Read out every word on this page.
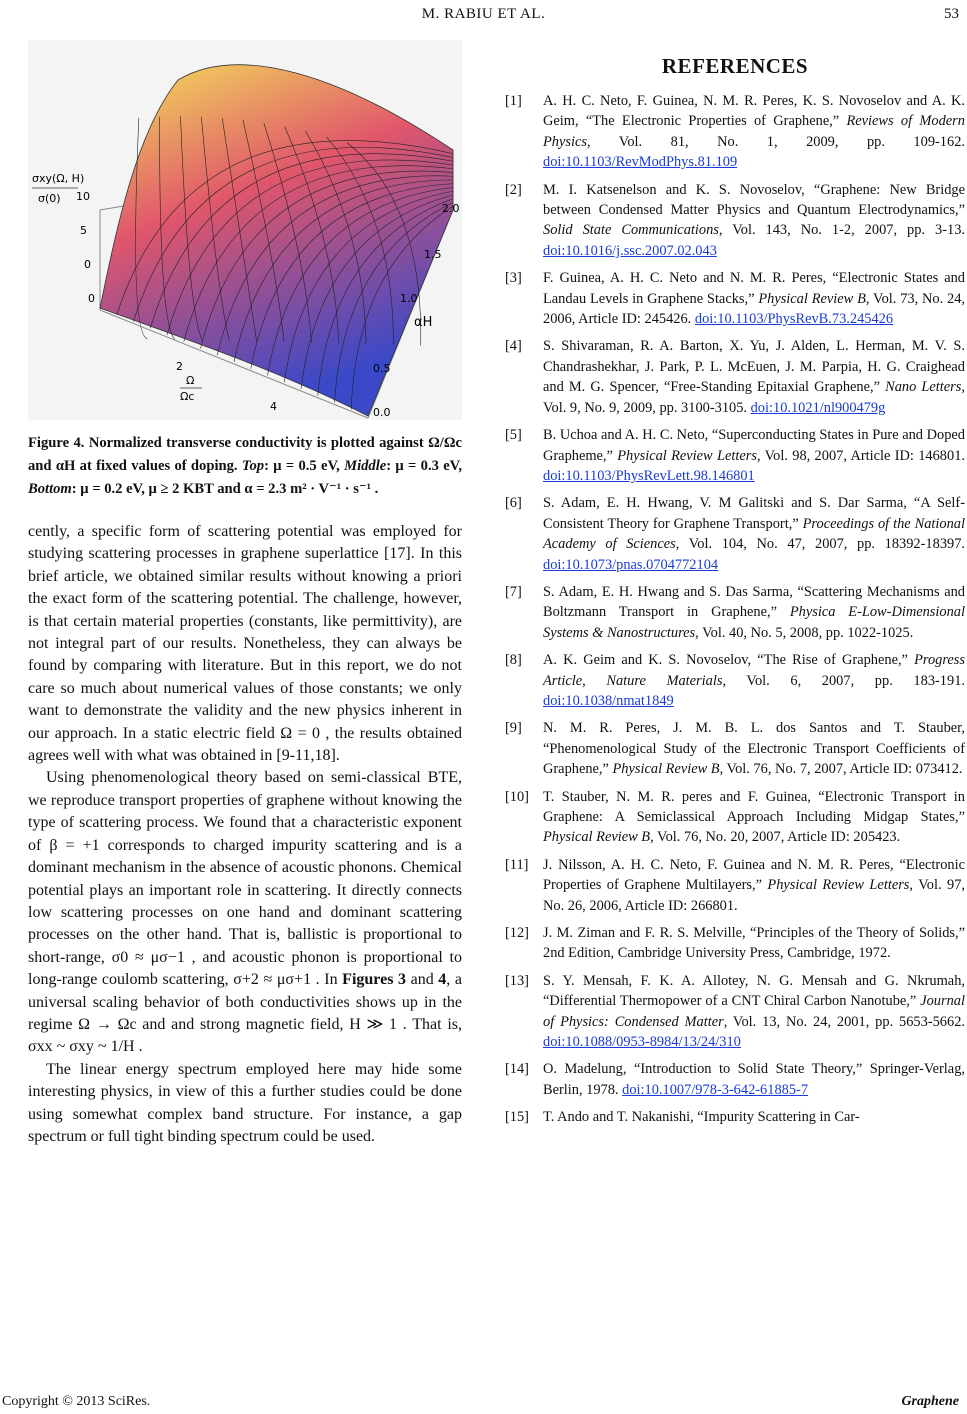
M. RABIU ET AL.	53
σxy(Ω, H)
σ(0) 10
5
0
0
2
4
Ω
Ωc
0.0
0.5
1.0
1.5
2.0
αH
Figure 4. Normalized transverse conductivity is plotted against Ω/Ωc and αH at fixed values of doping. Top: μ = 0.5 eV, Middle: μ = 0.3 eV, Bottom: μ = 0.2 eV, μ ≥ 2 KBT and α = 2.3 m² · V⁻¹ · s⁻¹ .

cently, a specific form of scattering potential was employed for studying scattering processes in graphene superlattice [17]. In this brief article, we obtained similar results without knowing a priori the exact form of the scattering potential. The challenge, however, is that certain material properties (constants, like permittivity), are not integral part of our results. Nonetheless, they can always be found by comparing with literature. But in this report, we do not care so much about numerical values of those constants; we only want to demonstrate the validity and the new physics inherent in our approach. In a static electric field Ω = 0 , the results obtained agrees well with what was obtained in [9-11,18].

Using phenomenological theory based on semi-classical BTE, we reproduce transport properties of graphene without knowing the type of scattering process. We found that a characteristic exponent of β = +1 corresponds to charged impurity scattering and is a dominant mechanism in the absence of acoustic phonons. Chemical potential plays an important role in scattering. It directly connects low scattering processes on one hand and dominant scattering processes on the other hand. That is, ballistic is proportional to short-range, σ0 ≈ μσ−1 , and acoustic phonon is proportional to long-range coulomb scattering, σ+2 ≈ μσ+1 . In Figures 3 and 4, a universal scaling behavior of both conductivities shows up in the regime Ω → Ωc and and strong magnetic field, H ≫ 1 . That is, σxx ~ σxy ~ 1/H .

The linear energy spectrum employed here may hide some interesting physics, in view of this a further studies could be done using somewhat complex band structure. For instance, a gap spectrum or full tight binding spectrum could be used.

REFERENCES
[1]	A. H. C. Neto, F. Guinea, N. M. R. Peres, K. S. Novoselov and A. K. Geim, “The Electronic Properties of Graphene,” Reviews of Modern Physics, Vol. 81, No. 1, 2009, pp. 109-162. doi:10.1103/RevModPhys.81.109
[2]	M. I. Katsenelson and K. S. Novoselov, “Graphene: New Bridge between Condensed Matter Physics and Quantum Electrodynamics,” Solid State Communications, Vol. 143, No. 1-2, 2007, pp. 3-13. doi:10.1016/j.ssc.2007.02.043
[3]	F. Guinea, A. H. C. Neto and N. M. R. Peres, “Electronic States and Landau Levels in Graphene Stacks,” Physical Review B, Vol. 73, No. 24, 2006, Article ID: 245426. doi:10.1103/PhysRevB.73.245426
[4]	S. Shivaraman, R. A. Barton, X. Yu, J. Alden, L. Herman, M. V. S. Chandrashekhar, J. Park, P. L. McEuen, J. M. Parpia, H. G. Craighead and M. G. Spencer, “Free-Standing Epitaxial Graphene,” Nano Letters, Vol. 9, No. 9, 2009, pp. 3100-3105. doi:10.1021/nl900479g
[5]	B. Uchoa and A. H. C. Neto, “Superconducting States in Pure and Doped Grapheme,” Physical Review Letters, Vol. 98, 2007, Article ID: 146801. doi:10.1103/PhysRevLett.98.146801
[6]	S. Adam, E. H. Hwang, V. M Galitski and S. Dar Sarma, “A Self-Consistent Theory for Graphene Transport,” Proceedings of the National Academy of Sciences, Vol. 104, No. 47, 2007, pp. 18392-18397. doi:10.1073/pnas.0704772104
[7]	S. Adam, E. H. Hwang and S. Das Sarma, “Scattering Mechanisms and Boltzmann Transport in Graphene,” Physica E-Low-Dimensional Systems & Nanostructures, Vol. 40, No. 5, 2008, pp. 1022-1025.
[8]	A. K. Geim and K. S. Novoselov, “The Rise of Graphene,” Progress Article, Nature Materials, Vol. 6, 2007, pp. 183-191. doi:10.1038/nmat1849
[9]	N. M. R. Peres, J. M. B. L. dos Santos and T. Stauber, “Phenomenological Study of the Electronic Transport Coefficients of Graphene,” Physical Review B, Vol. 76, No. 7, 2007, Article ID: 073412.
[10] T. Stauber, N. M. R. peres and F. Guinea, “Electronic Transport in Graphene: A Semiclassical Approach Including Midgap States,” Physical Review B, Vol. 76, No. 20, 2007, Article ID: 205423.
[11]	J. Nilsson, A. H. C. Neto, F. Guinea and N. M. R. Peres, “Electronic Properties of Graphene Multilayers,” Physical Review Letters, Vol. 97, No. 26, 2006, Article ID: 266801.
[12] J. M. Ziman and F. R. S. Melville, “Principles of the Theory of Solids,” 2nd Edition, Cambridge University Press, Cambridge, 1972.
[13] S. Y. Mensah, F. K. A. Allotey, N. G. Mensah and G. Nkrumah, “Differential Thermopower of a CNT Chiral Carbon Nanotube,” Journal of Physics: Condensed Matter, Vol. 13, No. 24, 2001, pp. 5653-5662. doi:10.1088/0953-8984/13/24/310
[14] O. Madelung, “Introduction to Solid State Theory,” Springer-Verlag, Berlin, 1978. doi:10.1007/978-3-642-61885-7
[15] T. Ando and T. Nakanishi, “Impurity Scattering in Car-
Copyright © 2013 SciRes.	Graphene
